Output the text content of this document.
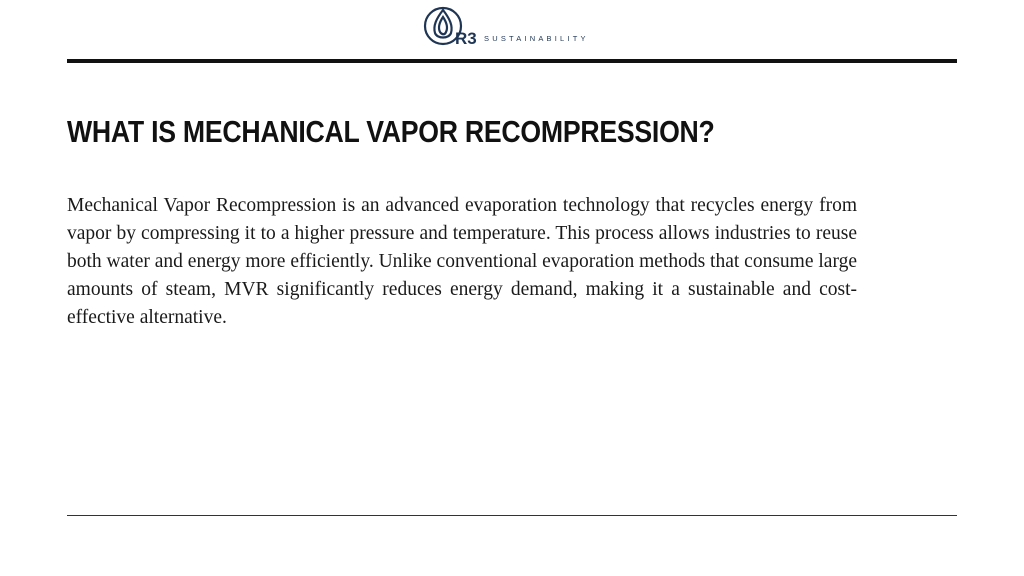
R3 SUSTAINABILITY
WHAT IS MECHANICAL VAPOR RECOMPRESSION?

Mechanical Vapor Recompression is an advanced evaporation technology that recycles energy from vapor by compressing it to a higher pressure and temperature. This process allows industries to reuse both water and energy more efficiently. Unlike conventional evaporation methods that consume large amounts of steam, MVR significantly reduces energy demand, making it a sustainable and cost-effective alternative.
